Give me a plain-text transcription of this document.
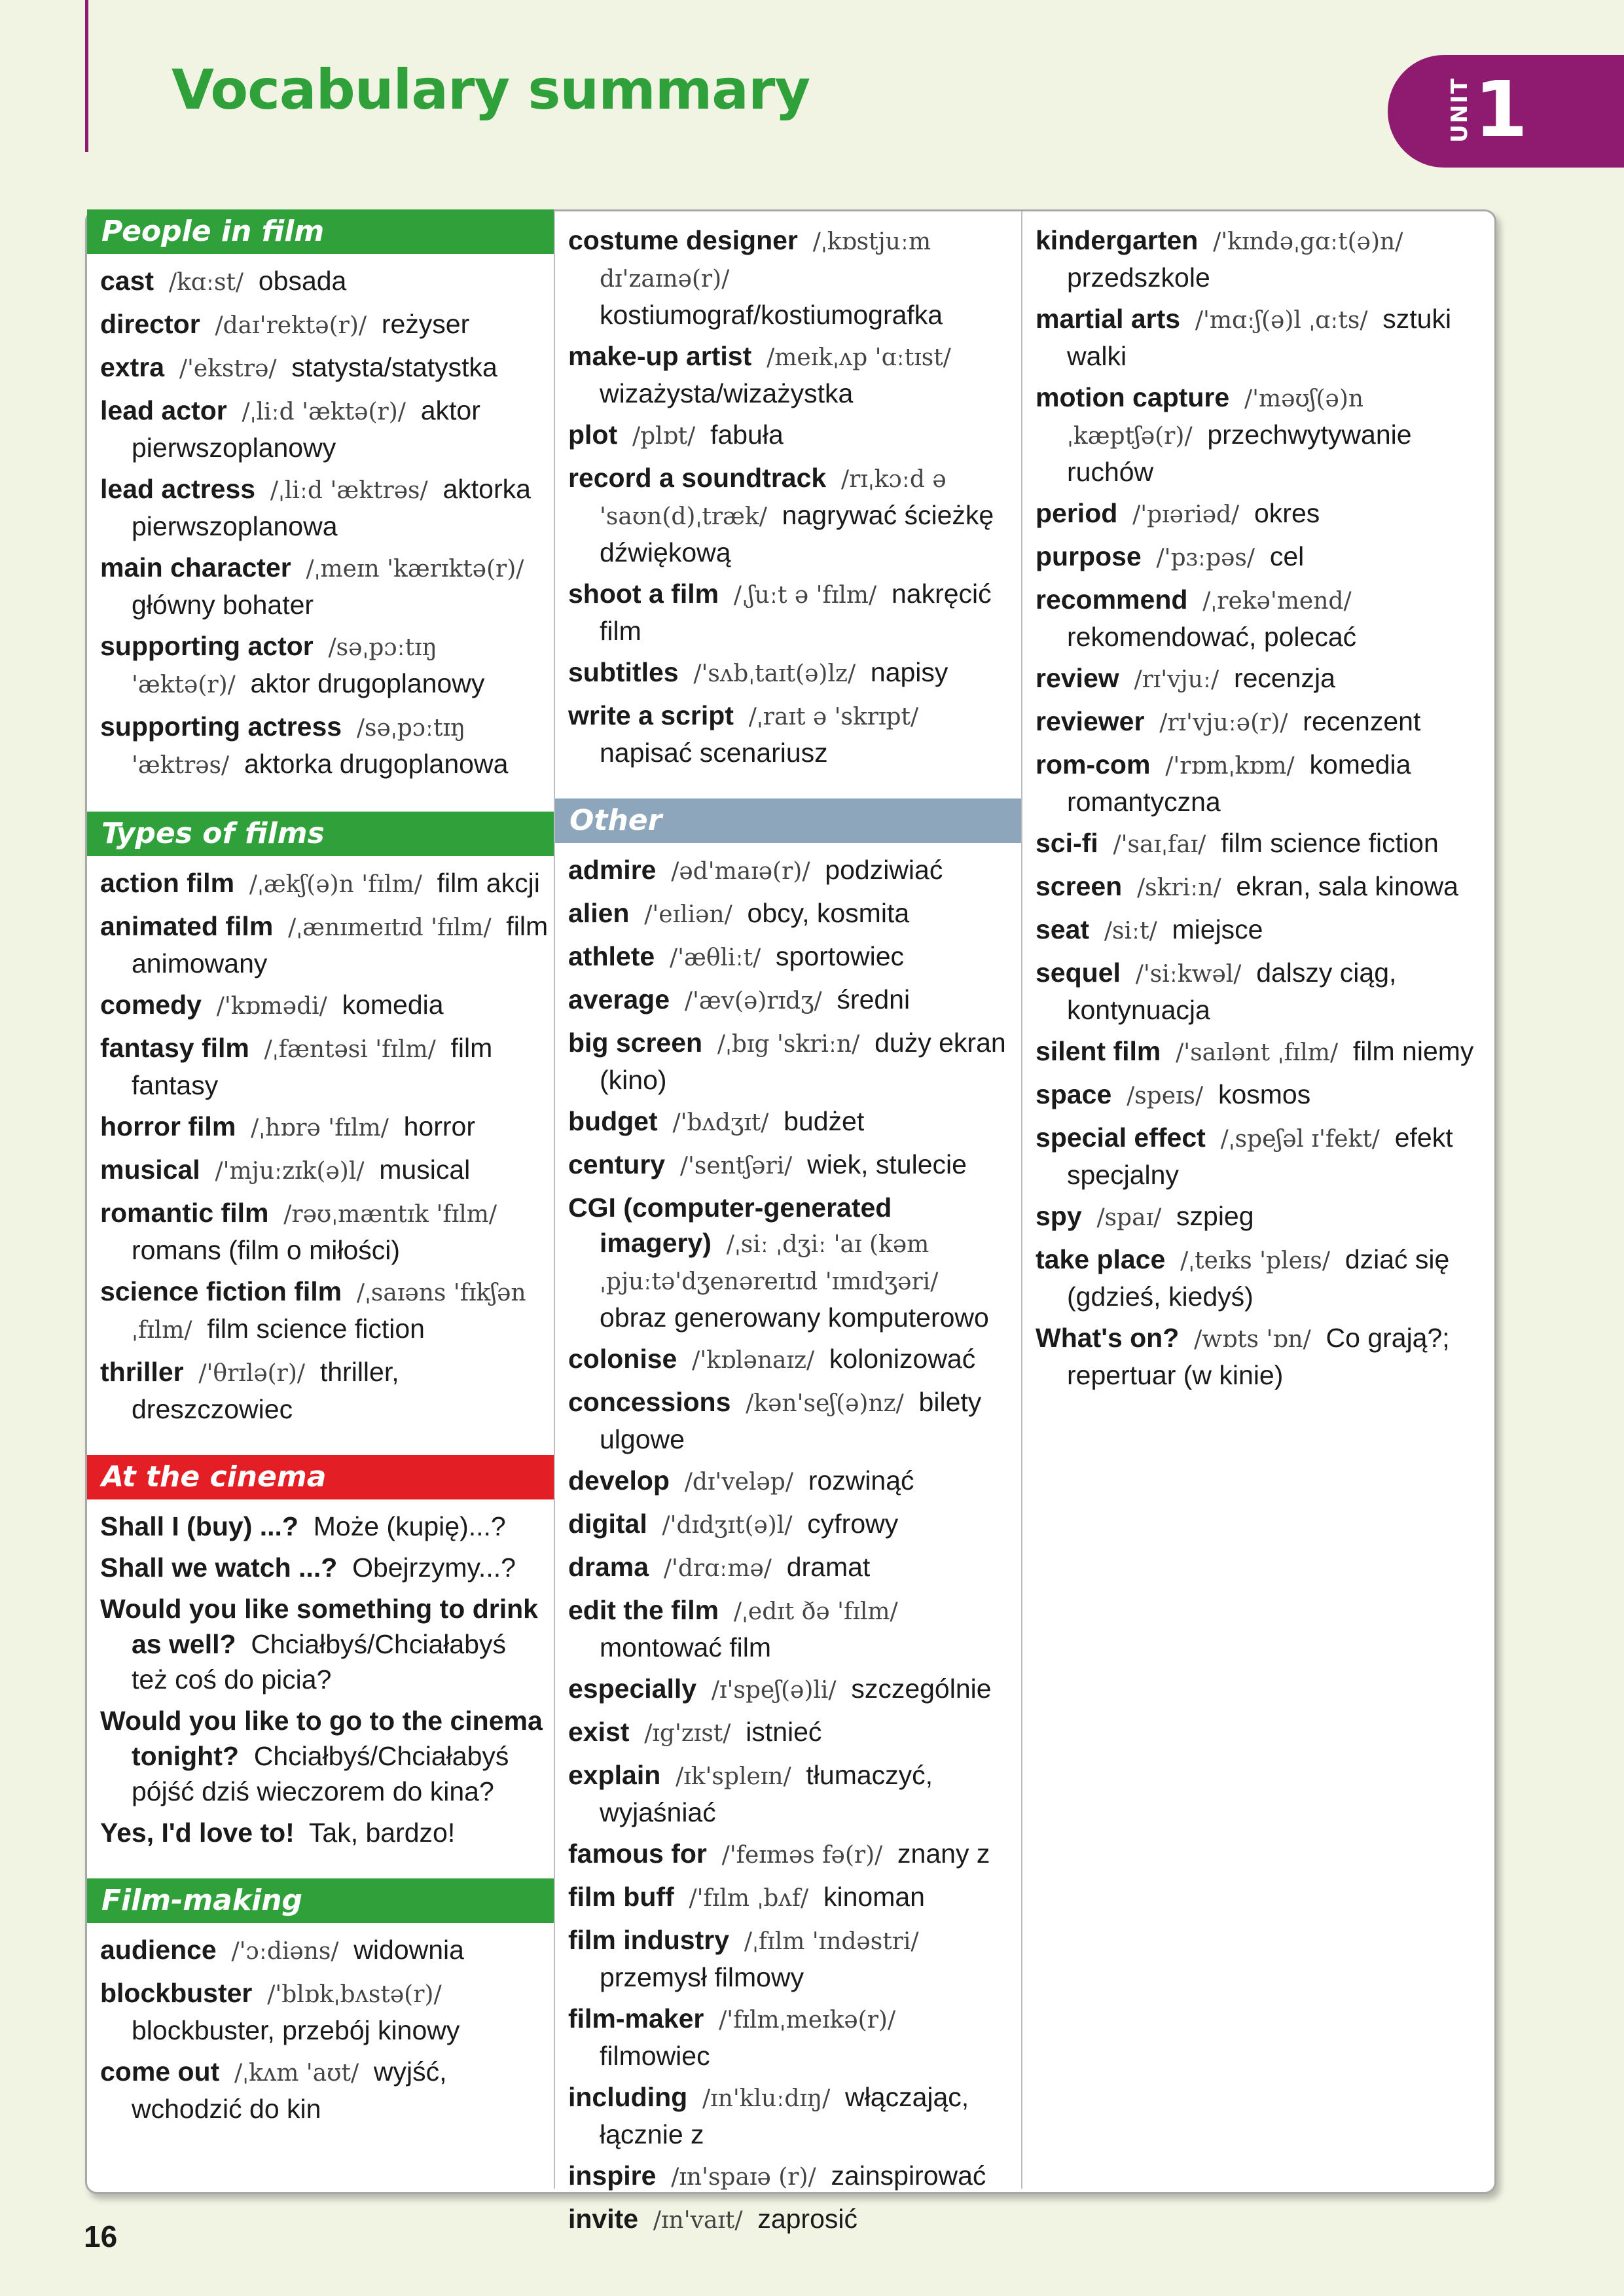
Vocabulary summary	UNIT 1
People in film
cast /kɑːst/ obsada
director /daɪ'rektə(r)/ reżyser
extra /'ekstrə/ statysta/statystka
lead actor /ˌliːd 'æktə(r)/ aktor pierwszoplanowy
lead actress /ˌliːd 'æktrəs/ aktorka pierwszoplanowa
main character /ˌmeɪn 'kærɪktə(r)/  główny bohater
supporting actor /səˌpɔːtɪŋ 'æktə(r)/ aktor drugoplanowy
supporting actress /səˌpɔːtɪŋ 'æktrəs/ aktorka drugoplanowa
Types of films
action film /ˌækʃ(ə)n 'fɪlm/ film akcji
animated film /ˌænɪmeɪtɪd 'fɪlm/ film animowany
comedy /'kɒmədi/ komedia
fantasy film /ˌfæntəsi 'fɪlm/ film fantasy
horror film /ˌhɒrə 'fɪlm/ horror
musical /'mjuːzɪk(ə)l/ musical
romantic film /rəʊˌmæntɪk 'fɪlm/  romans (film o miłości)
science fiction film /ˌsaɪəns 'fɪkʃən ˌfɪlm/ film science fiction
thriller /'θrɪlə(r)/ thriller, dreszczowiec
At the cinema
Shall I (buy) ...? Może (kupię)...?
Shall we watch ...? Obejrzymy...?
Would you like something to drink as well? Chciałbyś/Chciałabyś też coś do picia?
Would you like to go to the cinema tonight? Chciałbyś/Chciałabyś pójść dziś wieczorem do kina?
Yes, I'd love to! Tak, bardzo!
Film-making
audience /'ɔːdiəns/ widownia
blockbuster /'blɒkˌbʌstə(r)/  blockbuster, przebój kinowy
come out /ˌkʌm 'aʊt/ wyjść, wchodzić do kin
costume designer /ˌkɒstjuːm dɪ'zaɪnə(r)/  kostiumograf/kostiumografka
make-up artist /meɪkˌʌp 'ɑːtɪst/  wizażysta/wizażystka
plot /plɒt/ fabuła
record a soundtrack /rɪˌkɔːd ə 'saʊn(d)ˌtræk/ nagrywać ścieżkę dźwiękową
shoot a film /ˌʃuːt ə 'fɪlm/ nakręcić film
subtitles /'sʌbˌtaɪt(ə)lz/ napisy
write a script /ˌraɪt ə 'skrɪpt/  napisać scenariusz
Other
admire /əd'maɪə(r)/ podziwiać
alien /'eɪliən/ obcy, kosmita
athlete /'æθliːt/ sportowiec
average /'æv(ə)rɪdʒ/ średni
big screen /ˌbɪg 'skriːn/ duży ekran (kino)
budget /'bʌdʒɪt/ budżet
century /'sentʃəri/ wiek, stulecie
CGI (computer-generated imagery) /ˌsiː ˌdʒiː 'aɪ (kəmˌpjuːtə'dʒenəreɪtɪd 'ɪmɪdʒəri/  obraz generowany komputerowo
colonise /'kɒlənaɪz/ kolonizować
concessions /kən'seʃ(ə)nz/ bilety ulgowe
develop /dɪ'veləp/ rozwinąć
digital /'dɪdʒɪt(ə)l/ cyfrowy
drama /'drɑːmə/ dramat
edit the film /ˌedɪt ðə 'fɪlm/  montować film
especially /ɪ'speʃ(ə)li/ szczególnie
exist /ɪg'zɪst/ istnieć
explain /ɪk'spleɪn/ tłumaczyć, wyjaśniać
famous for /'feɪməs fə(r)/ znany z
film buff /'fɪlm ˌbʌf/ kinoman
film industry /ˌfɪlm 'ɪndəstri/  przemysł filmowy
film-maker /'fɪlmˌmeɪkə(r)/  filmowiec
including /ɪn'kluːdɪŋ/ włączając, łącznie z
inspire /ɪn'spaɪə (r)/ zainspirować
invite /ɪn'vaɪt/ zaprosić
kindergarten /'kɪndəˌgɑːt(ə)n/  przedszkole
martial arts /'mɑːʃ(ə)l ˌɑːts/ sztuki walki
motion capture /'məʊʃ(ə)n ˌkæptʃə(r)/ przechwytywanie ruchów
period /'pɪəriəd/ okres
purpose /'pɜːpəs/ cel
recommend /ˌrekə'mend/  rekomendować, polecać
review /rɪ'vjuː/ recenzja
reviewer /rɪ'vjuːə(r)/ recenzent
rom-com /'rɒmˌkɒm/ komedia romantyczna
sci-fi /'saɪˌfaɪ/ film science fiction
screen /skriːn/ ekran, sala kinowa
seat /siːt/ miejsce
sequel /'siːkwəl/ dalszy ciąg, kontynuacja
silent film /'saɪlənt ˌfɪlm/ film niemy
space /speɪs/ kosmos
special effect /ˌspeʃəl ɪ'fekt/ efekt specjalny
spy /spaɪ/ szpieg
take place /ˌteɪks 'pleɪs/ dziać się (gdzieś, kiedyś)
What's on? /wɒts 'ɒn/ Co grają?; repertuar (w kinie)
16
